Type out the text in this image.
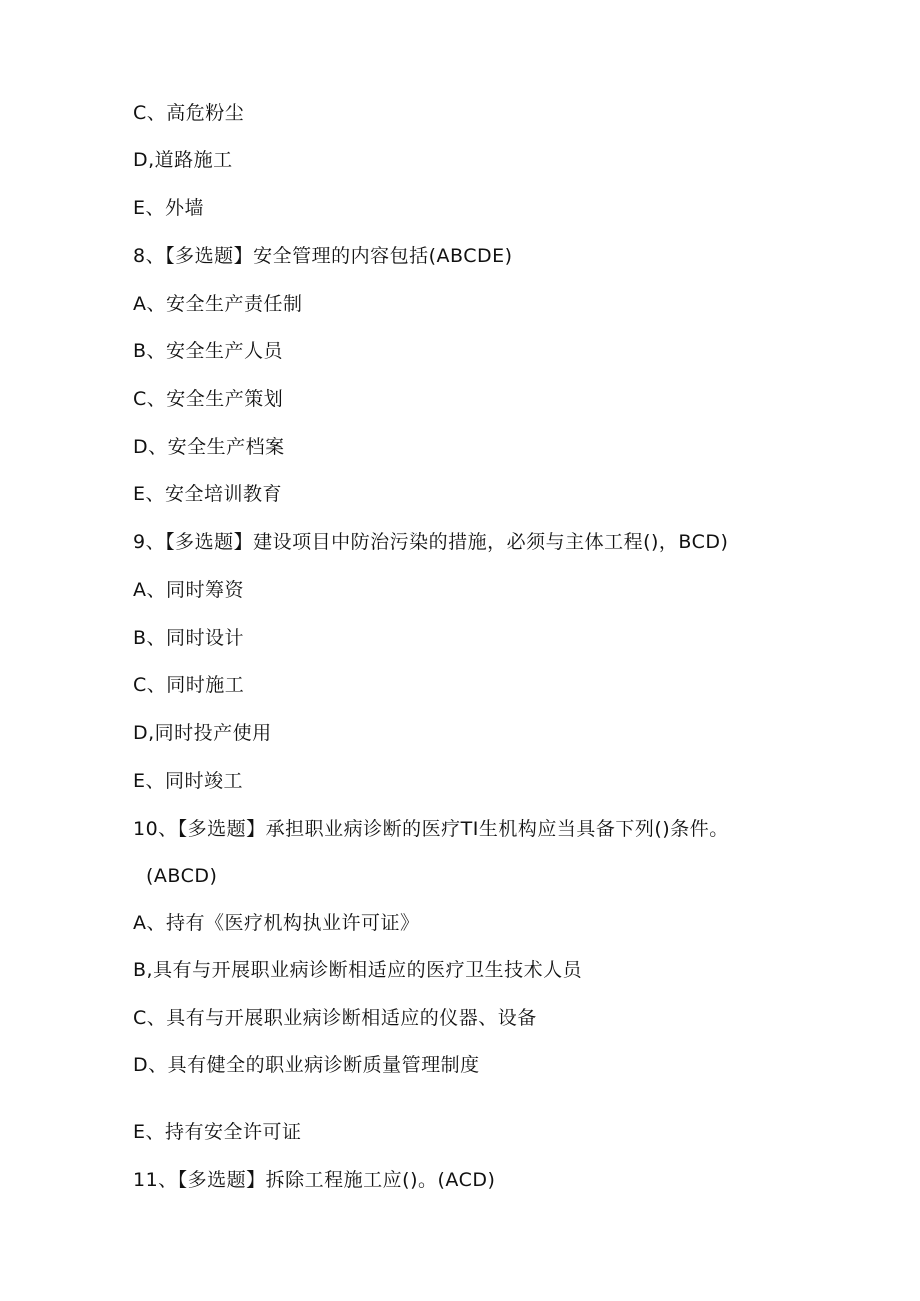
C、高危粉尘
D,道路施工
E、外墙
8、【多选题】安全管理的内容包括(ABCDE)
A、安全生产责任制
B、安全生产人员
C、安全生产策划
D、安全生产档案
E、安全培训教育
9、【多选题】建设项目中防治污染的措施，必须与主体工程()，BCD)
A、同时筹资
B、同时设计
C、同时施工
D,同时投产使用
E、同时竣工
10、【多选题】承担职业病诊断的医疗TI生机构应当具备下列()条件。
(ABCD)
A、持有《医疗机构执业许可证》
B,具有与开展职业病诊断相适应的医疗卫生技术人员
C、具有与开展职业病诊断相适应的仪器、设备
D、具有健全的职业病诊断质量管理制度
E、持有安全许可证
11、【多选题】拆除工程施工应()。(ACD)
